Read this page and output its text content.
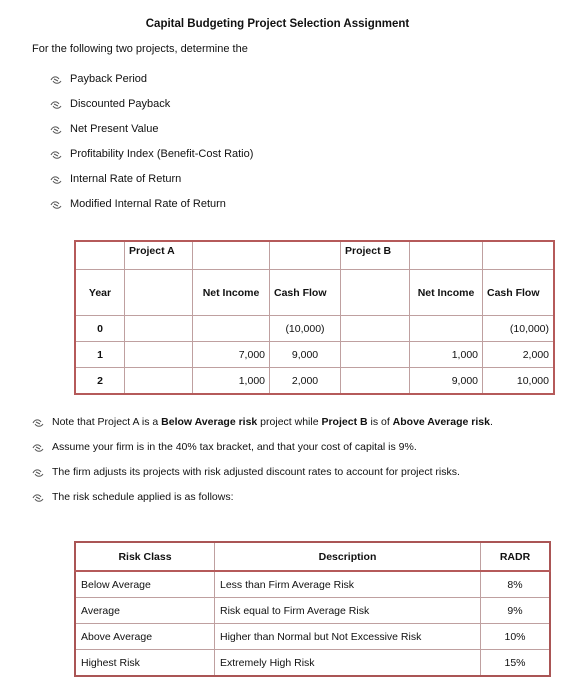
Capital Budgeting Project Selection Assignment
For the following two projects, determine the
Payback Period
Discounted Payback
Net Present Value
Profitability Index (Benefit-Cost Ratio)
Internal Rate of Return
Modified Internal Rate of Return
	Project A			Project B		
Year		Net Income	Cash Flow		Net Income	Cash Flow
0			(10,000)			(10,000)
1		7,000	9,000		1,000	2,000
2		1,000	2,000		9,000	10,000
Note that Project A is a Below Average risk project while Project B is of Above Average risk.
Assume your firm is in the 40% tax bracket, and that your cost of capital is 9%.
The firm adjusts its projects with risk adjusted discount rates to account for project risks.
The risk schedule applied is as follows:
Risk Class	Description	RADR
Below Average	Less than Firm Average Risk	8%
Average	Risk equal to Firm Average Risk	9%
Above Average	Higher than Normal but Not Excessive Risk	10%
Highest Risk	Extremely High Risk	15%
